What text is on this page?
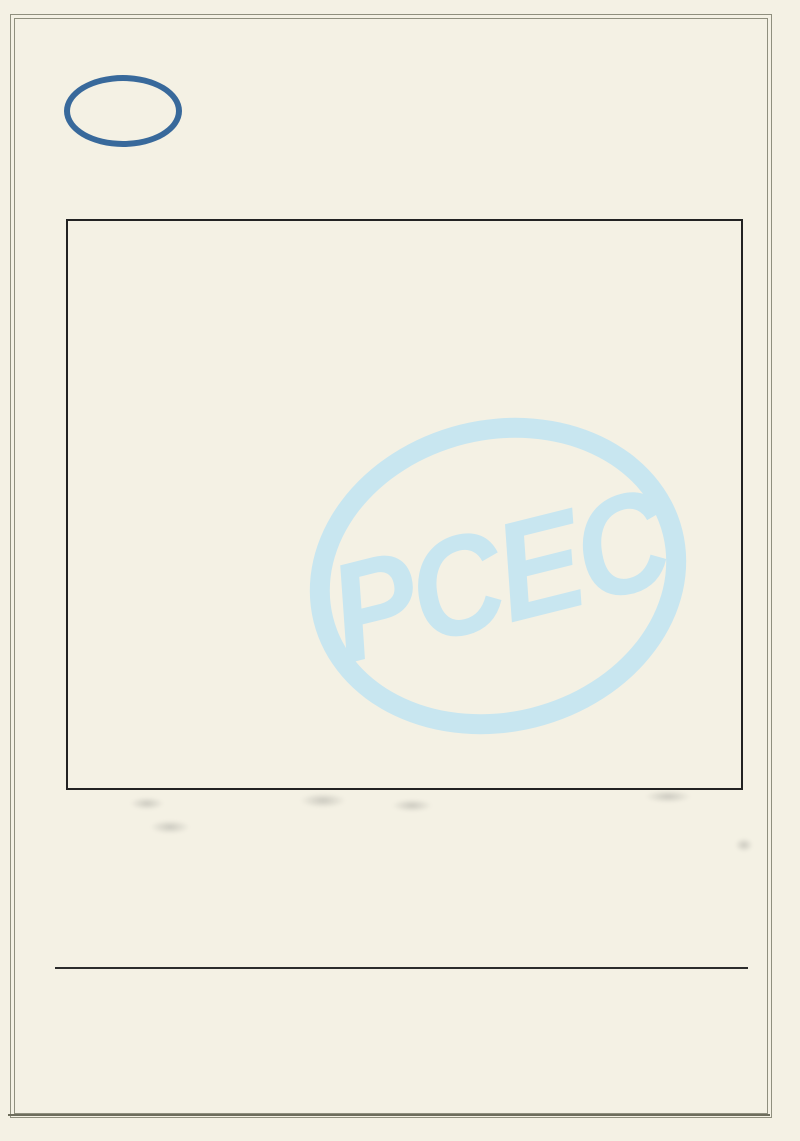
PCEC
